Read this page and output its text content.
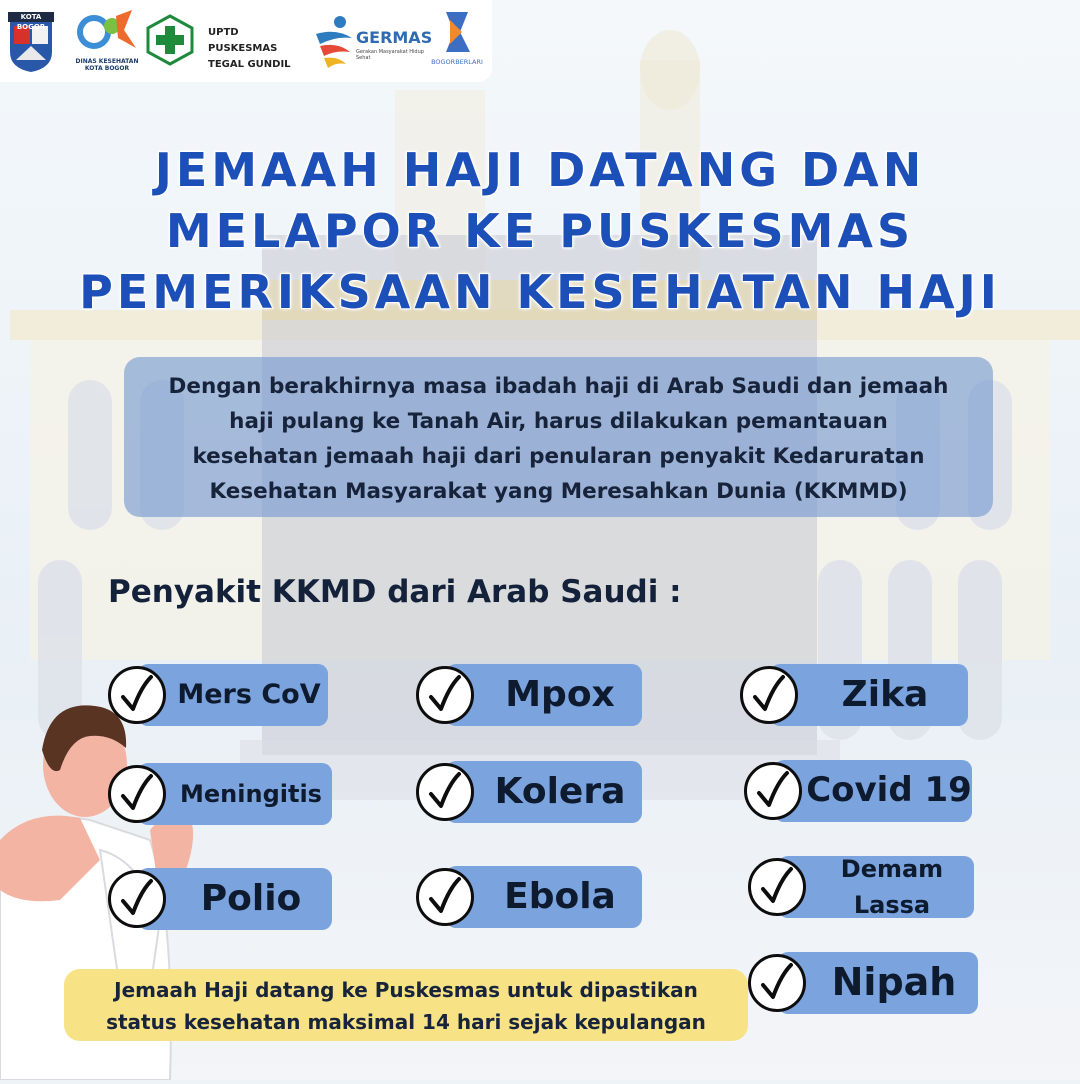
KOTA BOGOR
DINAS KESEHATAN KOTA BOGOR
UPTD PUSKESMAS
TEGAL GUNDIL
GERMAS
Gerakan Masyarakat Hidup Sehat	BOGORBERLARI
JEMAAH HAJI DATANG DAN
MELAPOR KE PUSKESMAS
PEMERIKSAAN KESEHATAN HAJI
Dengan berakhirnya masa ibadah haji di Arab Saudi dan jemaah
haji pulang ke Tanah Air, harus dilakukan pemantauan
kesehatan jemaah haji dari penularan penyakit Kedaruratan
Kesehatan Masyarakat yang Meresahkan Dunia (KKMMD)
Penyakit KKMD dari Arab Saudi :
Mers CoV	Mpox	Zika
Meningitis	Kolera	Covid 19
Polio	Ebola
Demam Lassa
Nipah
Jemaah Haji datang ke Puskesmas untuk dipastikan
status kesehatan maksimal 14 hari sejak kepulangan
